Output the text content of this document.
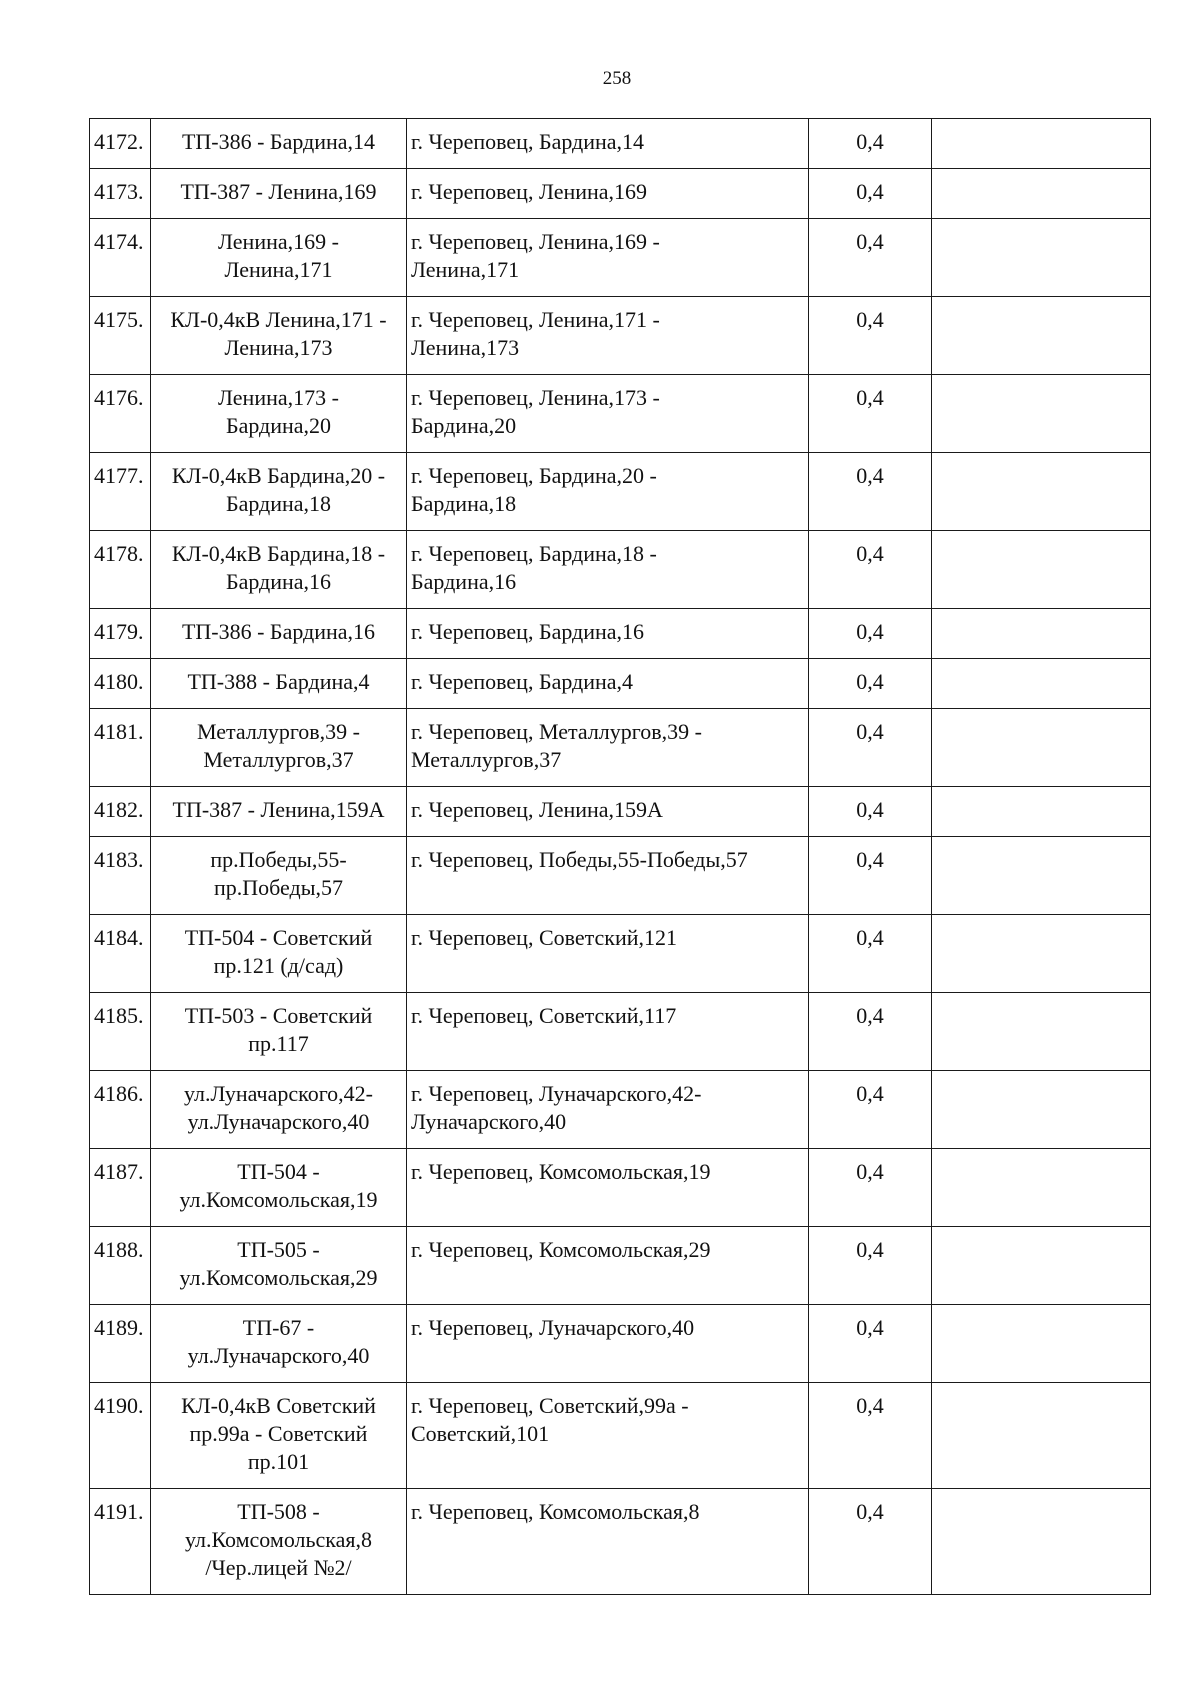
258
4172.	ТП-386 - Бардина,14	г. Череповец, Бардина,14	0,4	
4173.	ТП-387 - Ленина,169	г. Череповец, Ленина,169	0,4	
4174.	Ленина,169 -
Ленина,171	г. Череповец, Ленина,169 -
Ленина,171	0,4	
4175.	КЛ-0,4кВ Ленина,171 -
Ленина,173	г. Череповец, Ленина,171 -
Ленина,173	0,4	
4176.	Ленина,173 -
Бардина,20	г. Череповец, Ленина,173 -
Бардина,20	0,4	
4177.	КЛ-0,4кВ Бардина,20 -
Бардина,18	г. Череповец, Бардина,20 -
Бардина,18	0,4	
4178.	КЛ-0,4кВ Бардина,18 -
Бардина,16	г. Череповец, Бардина,18 -
Бардина,16	0,4	
4179.	ТП-386 - Бардина,16	г. Череповец, Бардина,16	0,4	
4180.	ТП-388 - Бардина,4	г. Череповец, Бардина,4	0,4	
4181.	Металлургов,39 -
Металлургов,37	г. Череповец, Металлургов,39 -
Металлургов,37	0,4	
4182.	ТП-387 - Ленина,159А	г. Череповец, Ленина,159А	0,4	
4183.	пр.Победы,55-
пр.Победы,57	г. Череповец, Победы,55-Победы,57	0,4	
4184.	ТП-504 - Советский
пр.121 (д/сад)	г. Череповец, Советский,121	0,4	
4185.	ТП-503 - Советский
пр.117	г. Череповец, Советский,117	0,4	
4186.	ул.Луначарского,42-
ул.Луначарского,40	г. Череповец, Луначарского,42-
Луначарского,40	0,4	
4187.	ТП-504 -
ул.Комсомольская,19	г. Череповец, Комсомольская,19	0,4	
4188.	ТП-505 -
ул.Комсомольская,29	г. Череповец, Комсомольская,29	0,4	
4189.	ТП-67 -
ул.Луначарского,40	г. Череповец, Луначарского,40	0,4	
4190.	КЛ-0,4кВ Советский
пр.99а - Советский
пр.101	г. Череповец, Советский,99а -
Советский,101	0,4	
4191.	ТП-508 -
ул.Комсомольская,8
/Чер.лицей №2/	г. Череповец, Комсомольская,8	0,4	
